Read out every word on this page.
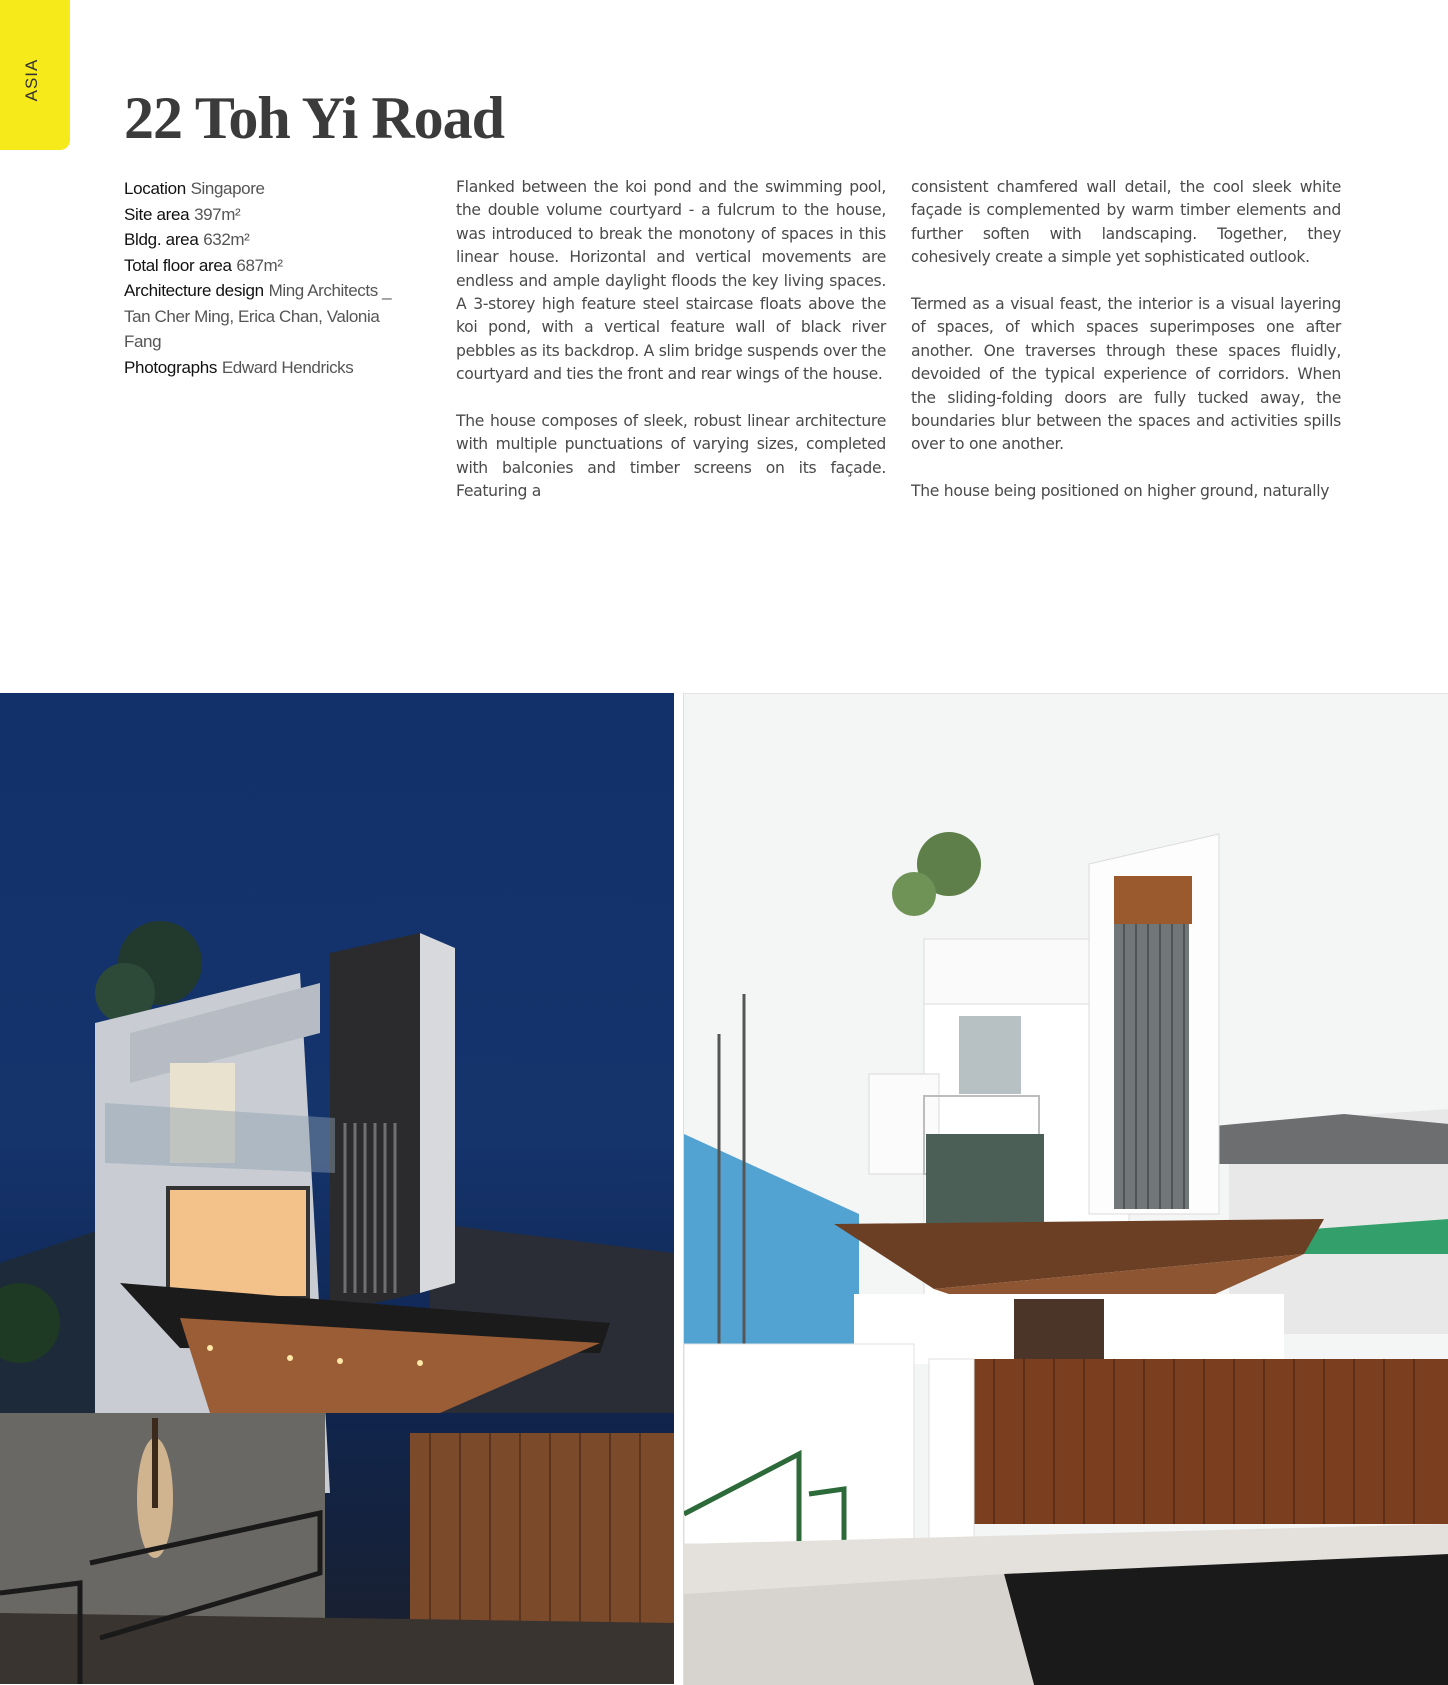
ASIA
22 Toh Yi Road
Location Singapore
Site area 397m²
Bldg. area 632m²
Total floor area 687m²
Architecture design Ming Architects _ Tan Cher Ming, Erica Chan, Valonia Fang
Photographs Edward Hendricks

Flanked between the koi pond and the swimming pool, the double volume courtyard - a fulcrum to the house, was introduced to break the monotony of spaces in this linear house. Horizontal and vertical movements are endless and ample daylight floods the key living spaces. A 3-storey high feature steel staircase floats above the koi pond, with a vertical feature wall of black river pebbles as its backdrop. A slim bridge suspends over the courtyard and ties the front and rear wings of the house.

The house composes of sleek, robust linear architecture with multiple punctuations of varying sizes, completed with balconies and timber screens on its façade. Featuring a

consistent chamfered wall detail, the cool sleek white façade is complemented by warm timber elements and further soften with landscaping. Together, they cohesively create a simple yet sophisticated outlook.

Termed as a visual feast, the interior is a visual layering of spaces, of which spaces superimposes one after another. One traverses through these spaces fluidly, devoided of the typical experience of corridors. When the sliding-folding doors are fully tucked away, the boundaries blur between the spaces and activities spills over to one another.

The house being positioned on higher ground, naturally
